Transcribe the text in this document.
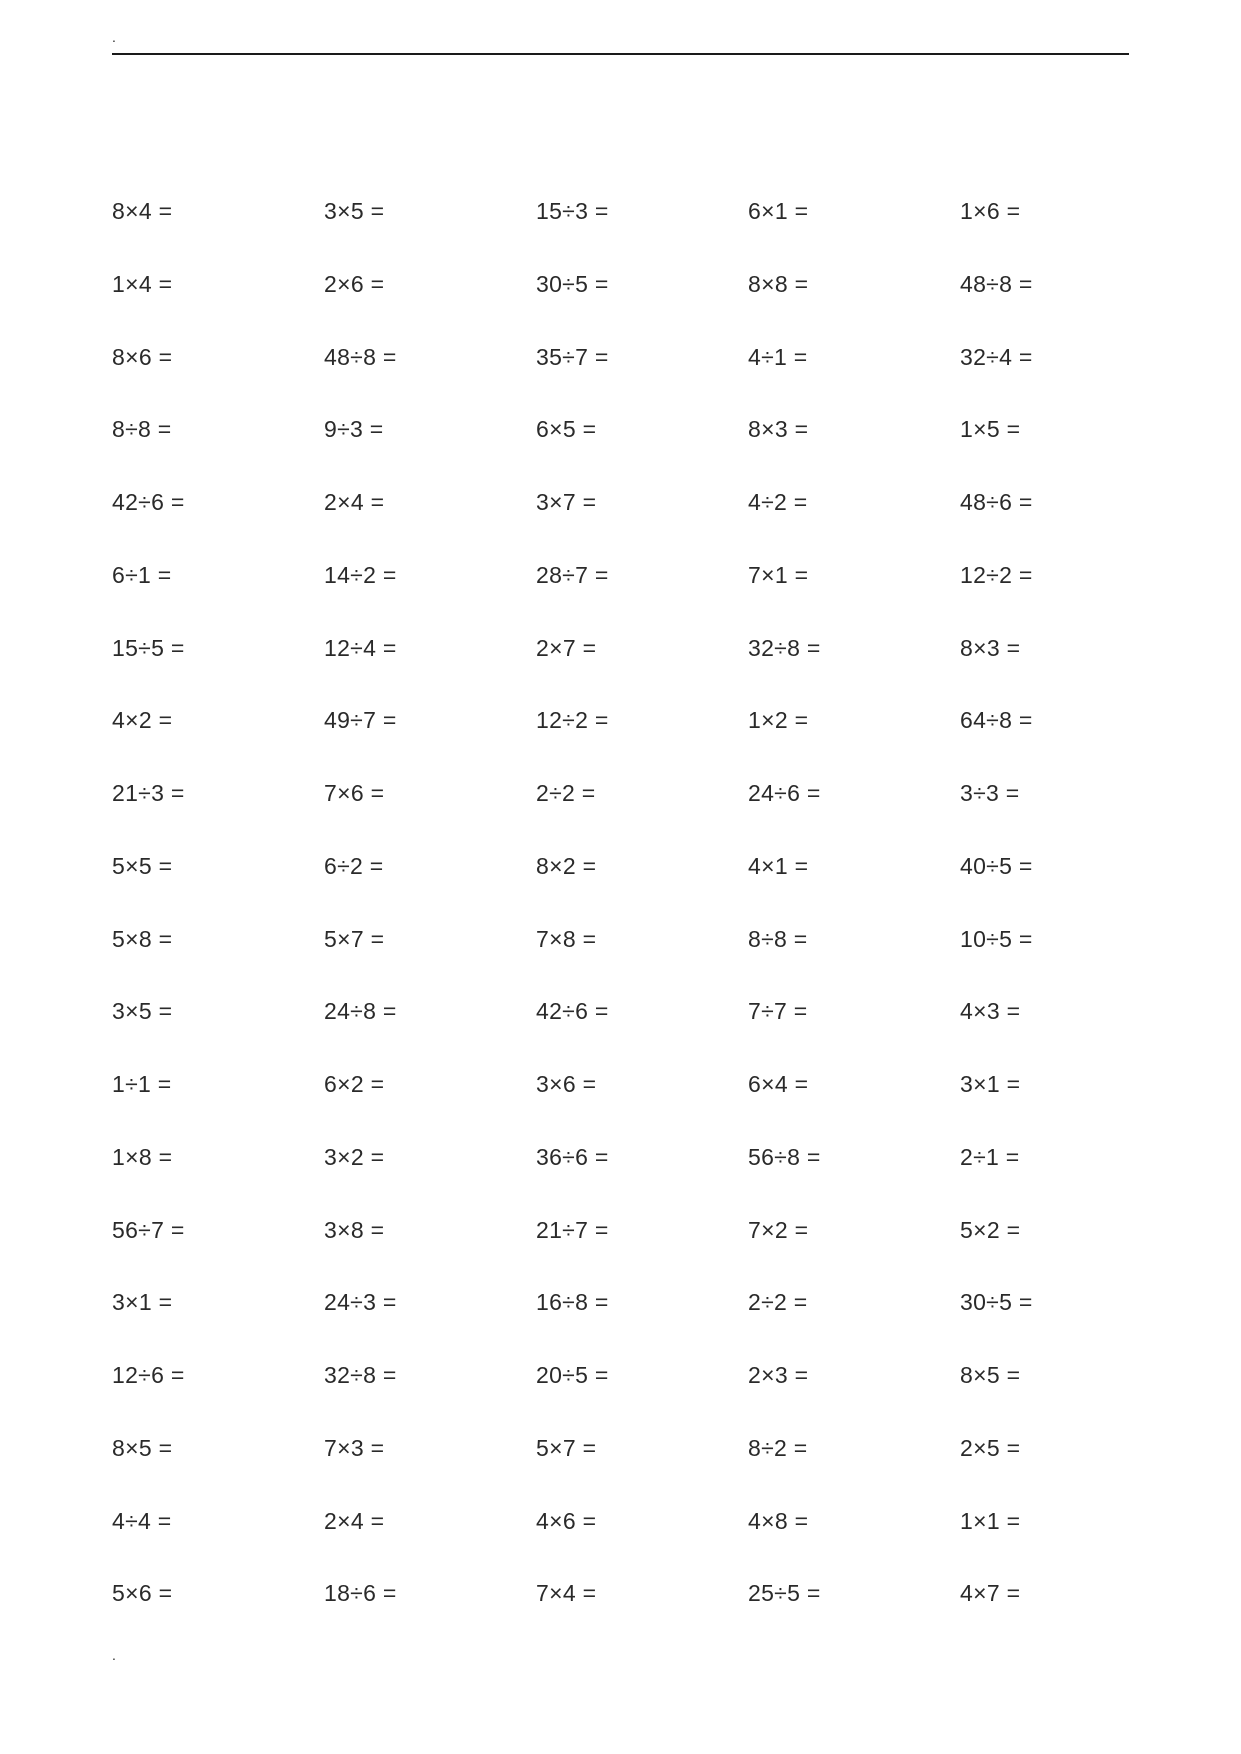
.
8×4 =	3×5 =	15÷3 =	6×1 =	1×6 =
1×4 =	2×6 =	30÷5 =	8×8 =	48÷8 =
8×6 =	48÷8 =	35÷7 =	4÷1 =	32÷4 =
8÷8 =	9÷3 =	6×5 =	8×3 =	1×5 =
42÷6 =	2×4 =	3×7 =	4÷2 =	48÷6 =
6÷1 =	14÷2 =	28÷7 =	7×1 =	12÷2 =
15÷5 =	12÷4 =	2×7 =	32÷8 =	8×3 =
4×2 =	49÷7 =	12÷2 =	1×2 =	64÷8 =
21÷3 =	7×6 =	2÷2 =	24÷6 =	3÷3 =
5×5 =	6÷2 =	8×2 =	4×1 =	40÷5 =
5×8 =	5×7 =	7×8 =	8÷8 =	10÷5 =
3×5 =	24÷8 =	42÷6 =	7÷7 =	4×3 =
1÷1 =	6×2 =	3×6 =	6×4 =	3×1 =
1×8 =	3×2 =	36÷6 =	56÷8 =	2÷1 =
56÷7 =	3×8 =	21÷7 =	7×2 =	5×2 =
3×1 =	24÷3 =	16÷8 =	2÷2 =	30÷5 =
12÷6 =	32÷8 =	20÷5 =	2×3 =	8×5 =
8×5 =	7×3 =	5×7 =	8÷2 =	2×5 =
4÷4 =	2×4 =	4×6 =	4×8 =	1×1 =
5×6 =	18÷6 =	7×4 =	25÷5 =	4×7 =
.
